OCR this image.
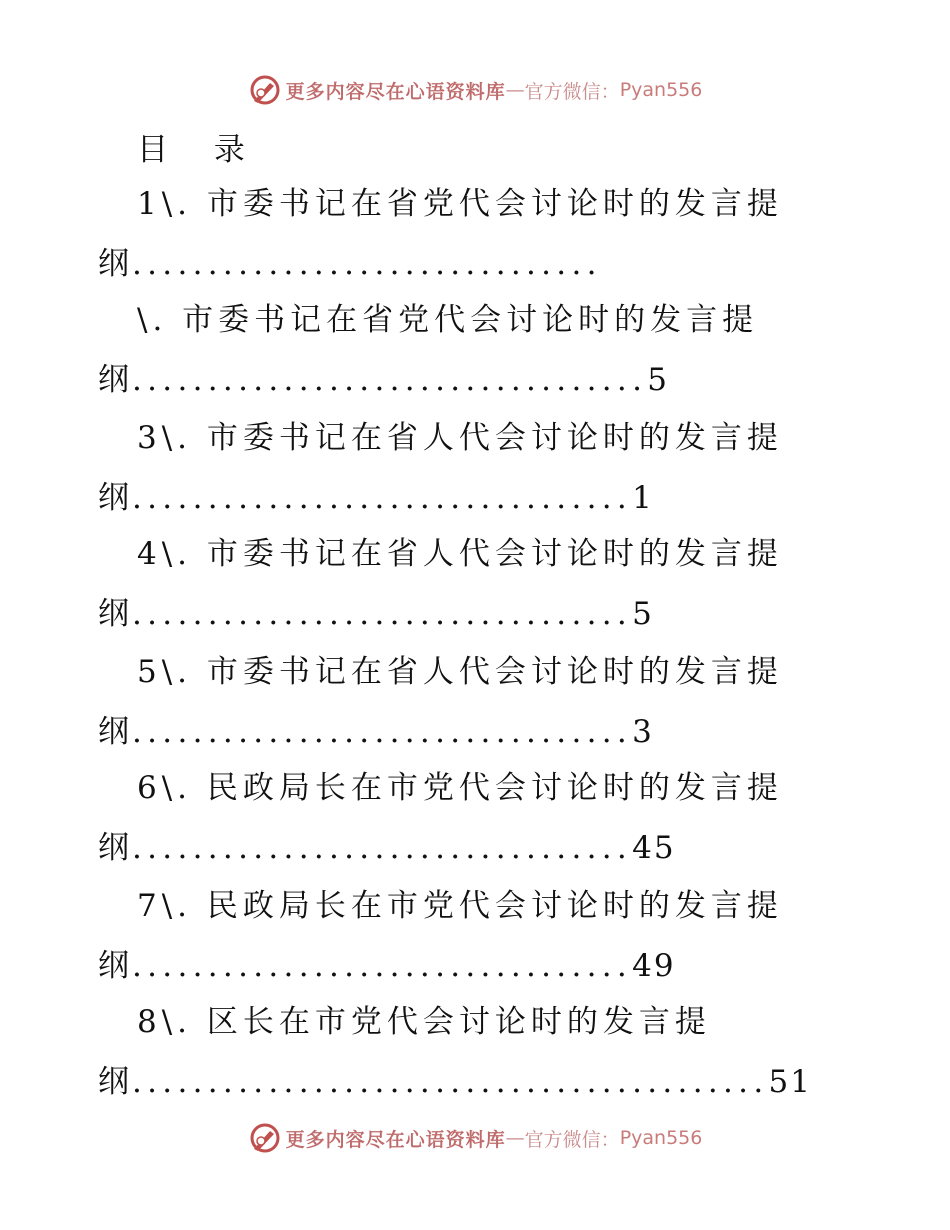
更多内容尽在心语资料库 — 官方微信： Pyan556
目 录
1\. 市委书记在省党代会讨论时的发言提
纲...............................
\. 市委书记在省党代会讨论时的发言提
纲..................................5
3\. 市委书记在省人代会讨论时的发言提
纲.................................1
4\. 市委书记在省人代会讨论时的发言提
纲.................................5
5\. 市委书记在省人代会讨论时的发言提
纲.................................3
6\. 民政局长在市党代会讨论时的发言提
纲.................................45
7\. 民政局长在市党代会讨论时的发言提
纲.................................49
8\. 区长在市党代会讨论时的发言提
纲..........................................51
更多内容尽在心语资料库 — 官方微信： Pyan556
